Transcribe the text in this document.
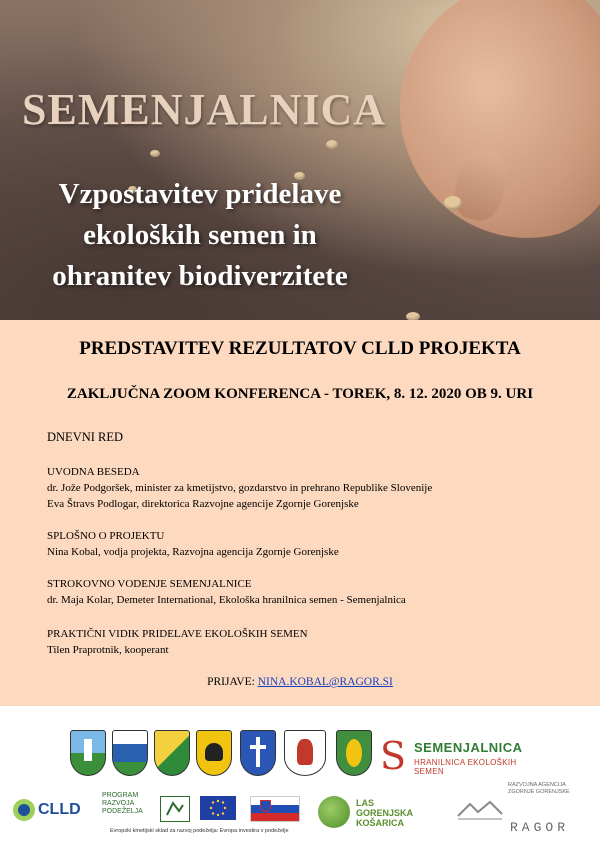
SEMENJALNICA
Vzpostavitev pridelave
ekoloških semen in
ohranitev biodiverzitete
PREDSTAVITEV REZULTATOV CLLD PROJEKTA
ZAKLJUČNA ZOOM KONFERENCA - TOREK, 8. 12. 2020 OB 9. URI
DNEVNI RED
UVODNA BESEDA
dr. Jože Podgoršek, minister za kmetijstvo, gozdarstvo in prehrano Republike Slovenije
Eva Štravs Podlogar, direktorica Razvojne agencije Zgornje Gorenjske
SPLOŠNO O PROJEKTU
Nina Kobal, vodja projekta, Razvojna agencija Zgornje Gorenjske
STROKOVNO VODENJE SEMENJALNICE
dr. Maja Kolar, Demeter International, Ekološka hranilnica semen - Semenjalnica
PRAKTIČNI VIDIK PRIDELAVE EKOLOŠKIH SEMEN
Tilen Praprotnik, kooperant
PRIJAVE: NINA.KOBAL@RAGOR.SI
S SEMENJALNICA
HRANILNICA EKOLOŠKIH SEMEN
CLLD
PROGRAM
RAZVOJA
PODEŽELJA
Evropski kmetijski sklad za razvoj podeželja: Evropa investira v podeželje
LAS
GORENJSKA
KOŠARICA
RAZVOJNA AGENCIJA
ZGORNJE GORENJSKE
RAGOR
